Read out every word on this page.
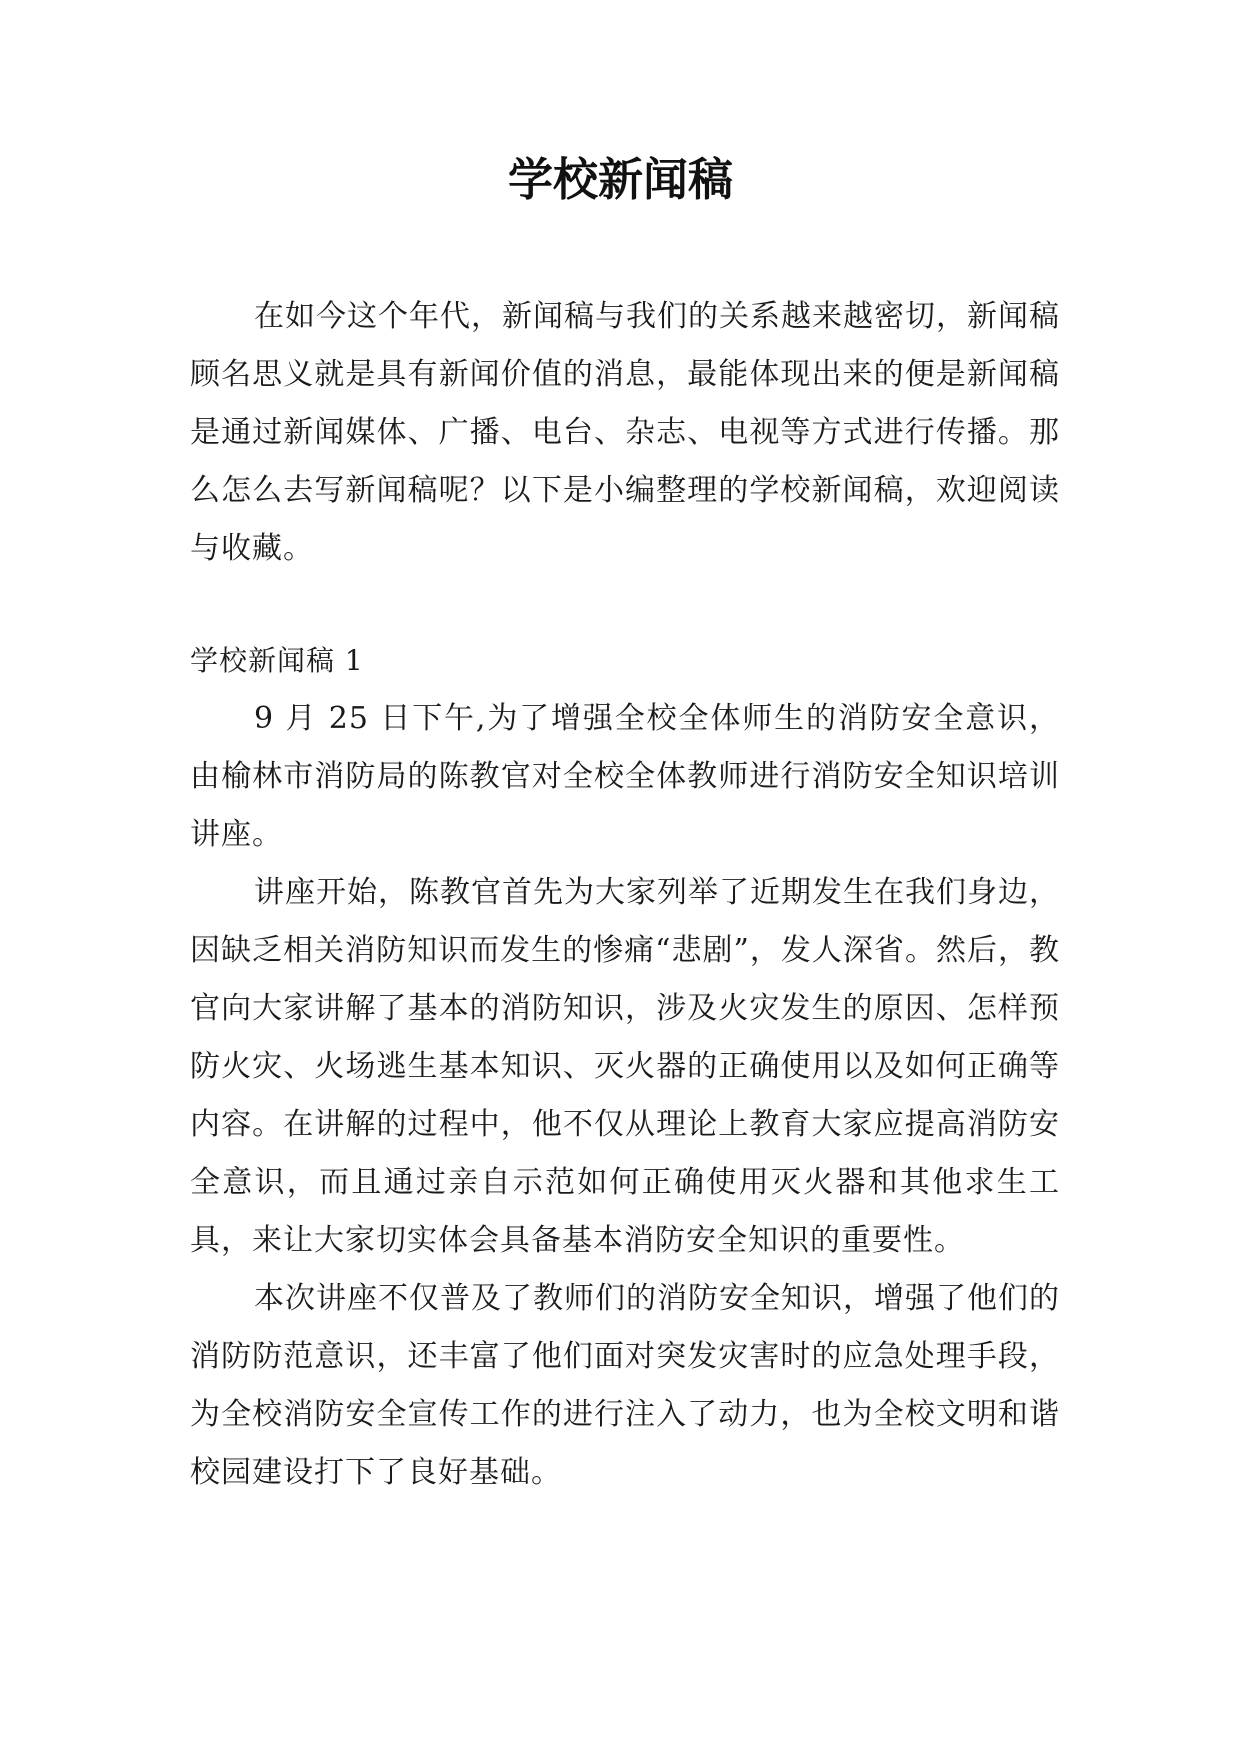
学校新闻稿

在如今这个年代，新闻稿与我们的关系越来越密切，新闻稿顾名思义就是具有新闻价值的消息，最能体现出来的便是新闻稿是通过新闻媒体、广播、电台、杂志、电视等方式进行传播。那么怎么去写新闻稿呢？以下是小编整理的学校新闻稿，欢迎阅读与收藏。

学校新闻稿 1

9 月 25 日下午,为了增强全校全体师生的消防安全意识，由榆林市消防局的陈教官对全校全体教师进行消防安全知识培训讲座。

讲座开始，陈教官首先为大家列举了近期发生在我们身边，因缺乏相关消防知识而发生的惨痛“悲剧”，发人深省。然后，教官向大家讲解了基本的消防知识，涉及火灾发生的原因、怎样预防火灾、火场逃生基本知识、灭火器的正确使用以及如何正确等内容。在讲解的过程中，他不仅从理论上教育大家应提高消防安全意识，而且通过亲自示范如何正确使用灭火器和其他求生工具，来让大家切实体会具备基本消防安全知识的重要性。

本次讲座不仅普及了教师们的消防安全知识，增强了他们的消防防范意识，还丰富了他们面对突发灾害时的应急处理手段，为全校消防安全宣传工作的进行注入了动力，也为全校文明和谐校园建设打下了良好基础。
